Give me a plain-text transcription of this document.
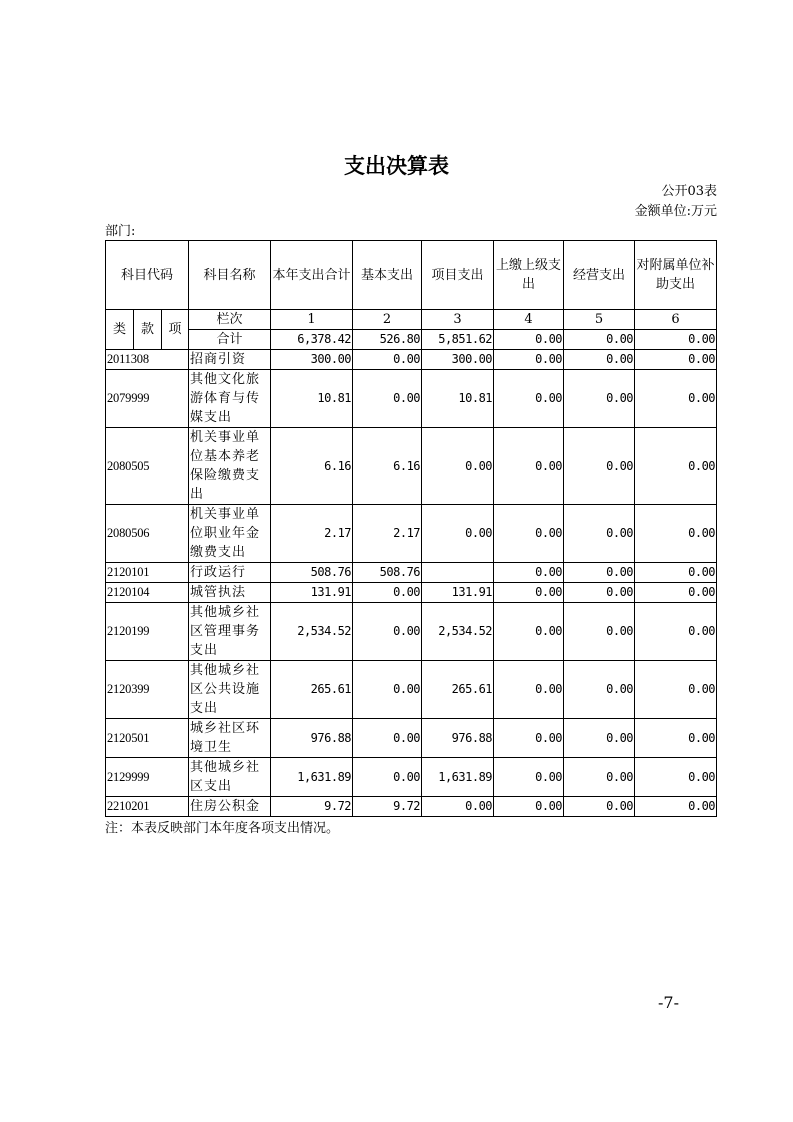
支出决算表
公开03表
金额单位:万元
部门:
科目代码			科目名称	本年支出合计	基本支出	项目支出	上缴上级支出	经营支出	对附属单位补助支出
类	款	项	栏次	1	2	3	4	5	6
			合计	6,378.42	526.80	5,851.62	0.00	0.00	0.00
2011308			招商引资	300.00	0.00	300.00	0.00	0.00	0.00
2079999			其他文化旅游体育与传媒支出	10.81	0.00	10.81	0.00	0.00	0.00
2080505			机关事业单位基本养老保险缴费支出	6.16	6.16	0.00	0.00	0.00	0.00
2080506			机关事业单位职业年金缴费支出	2.17	2.17	0.00	0.00	0.00	0.00
2120101			行政运行	508.76	508.76		0.00	0.00	0.00
2120104			城管执法	131.91	0.00	131.91	0.00	0.00	0.00
2120199			其他城乡社区管理事务支出	2,534.52	0.00	2,534.52	0.00	0.00	0.00
2120399			其他城乡社区公共设施支出	265.61	0.00	265.61	0.00	0.00	0.00
2120501			城乡社区环境卫生	976.88	0.00	976.88	0.00	0.00	0.00
2129999			其他城乡社区支出	1,631.89	0.00	1,631.89	0.00	0.00	0.00
2210201			住房公积金	9.72	9.72	0.00	0.00	0.00	0.00
注：本表反映部门本年度各项支出情况。
-7-
